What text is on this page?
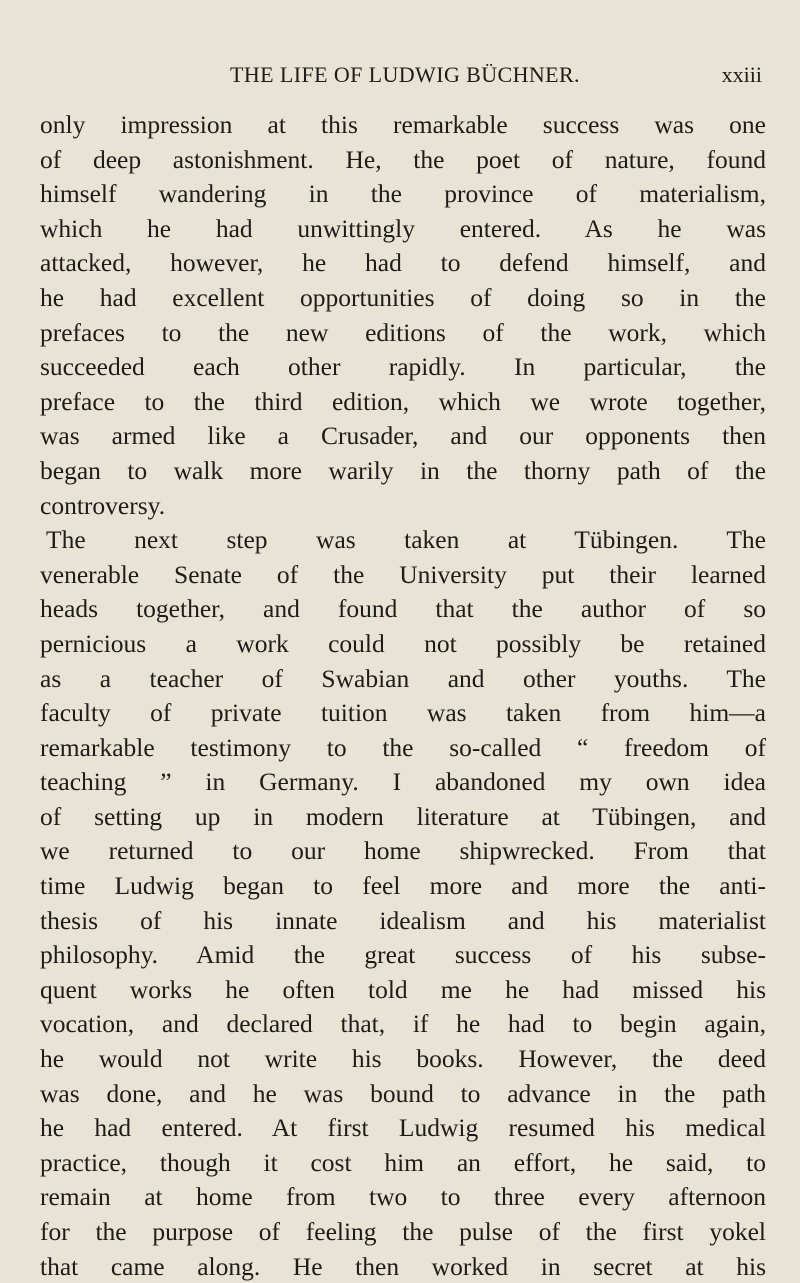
THE LIFE OF LUDWIG BÜCHNER.	xxiii
only impression at this remarkable success was one
of deep astonishment. He, the poet of nature, found
himself wandering in the province of materialism,
which he had unwittingly entered. As he was
attacked, however, he had to defend himself, and
he had excellent opportunities of doing so in the
prefaces to the new editions of the work, which
succeeded each other rapidly. In particular, the
preface to the third edition, which we wrote together,
was armed like a Crusader, and our opponents then
began to walk more warily in the thorny path of the
controversy.
The next step was taken at Tübingen. The
venerable Senate of the University put their learned
heads together, and found that the author of so
pernicious a work could not possibly be retained
as a teacher of Swabian and other youths. The
faculty of private tuition was taken from him—a
remarkable testimony to the so-called “ freedom of
teaching ” in Germany. I abandoned my own idea
of setting up in modern literature at Tübingen, and
we returned to our home shipwrecked. From that
time Ludwig began to feel more and more the anti-
thesis of his innate idealism and his materialist
philosophy. Amid the great success of his subse-
quent works he often told me he had missed his
vocation, and declared that, if he had to begin again,
he would not write his books. However, the deed
was done, and he was bound to advance in the path
he had entered. At first Ludwig resumed his medical
practice, though it cost him an effort, he said, to
remain at home from two to three every afternoon
for the purpose of feeling the pulse of the first yokel
that came along. He then worked in secret at his
